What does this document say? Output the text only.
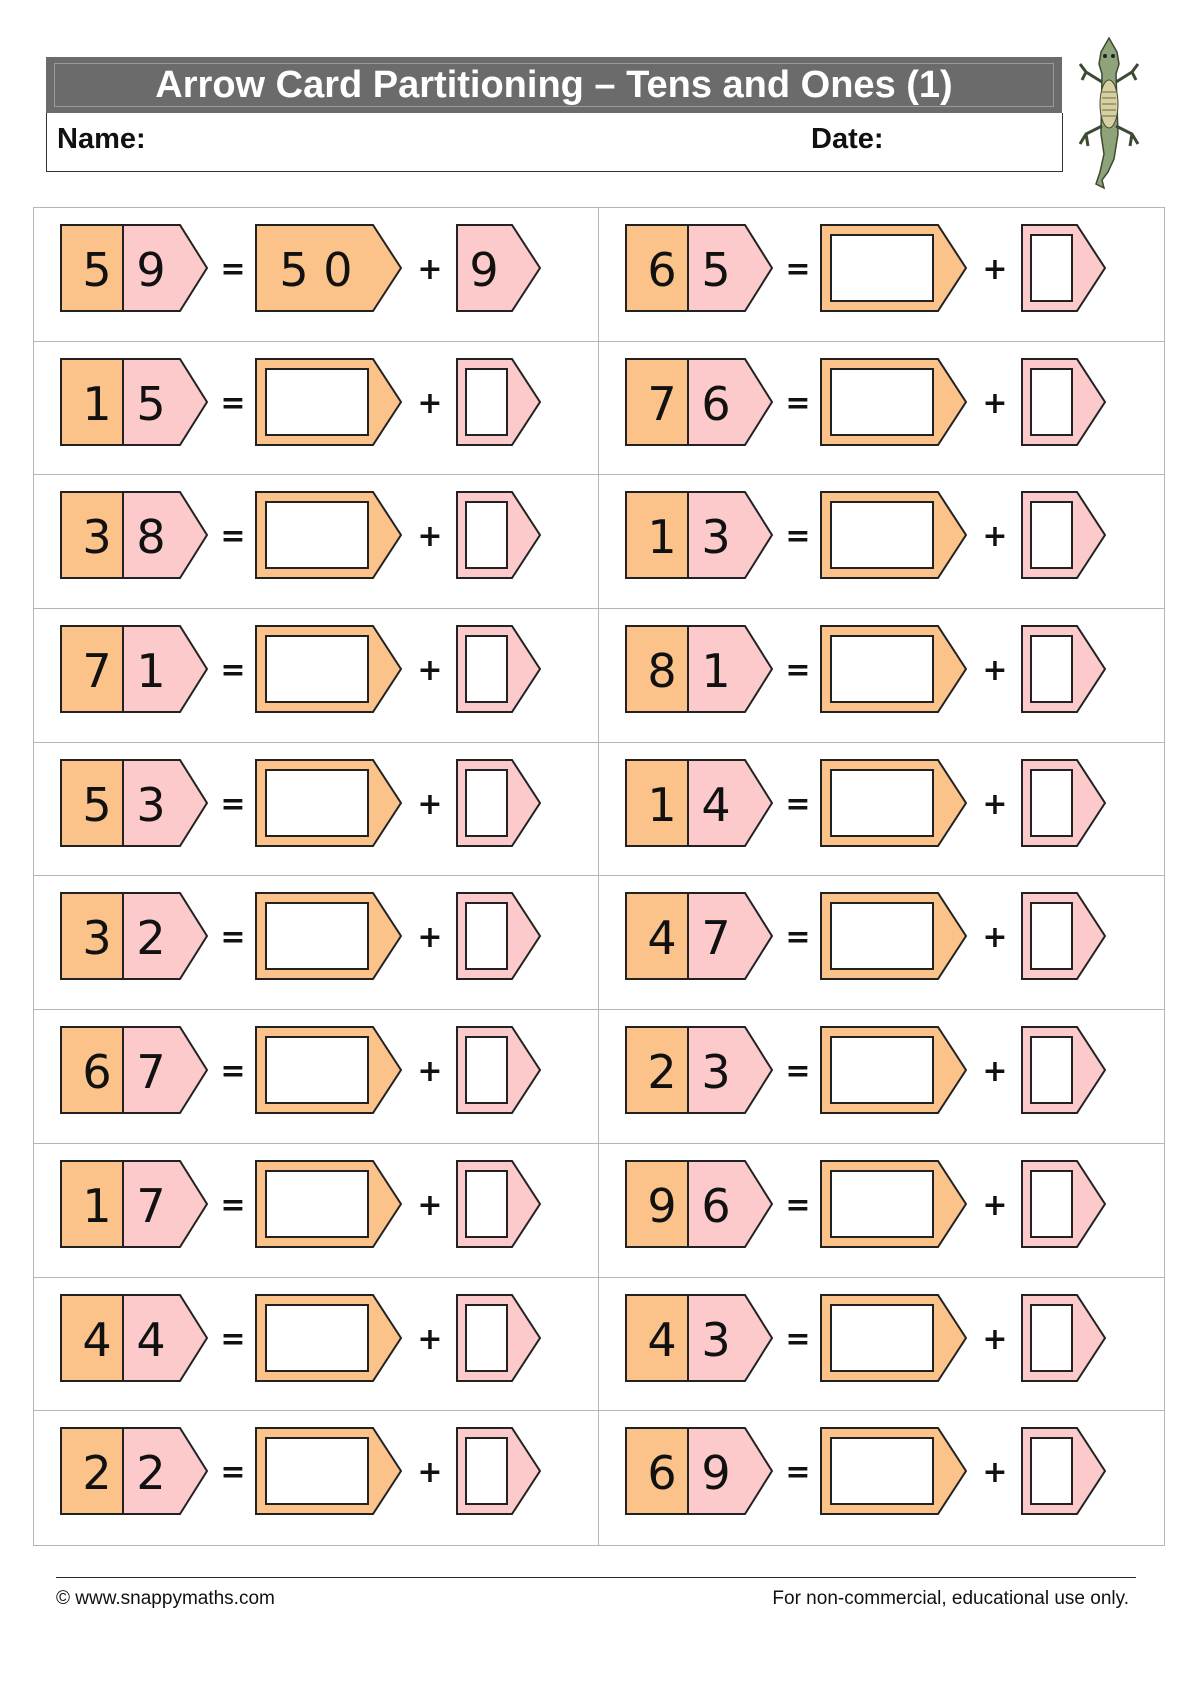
Arrow Card Partitioning – Tens and Ones (1)
Name:	Date:
5 9 = 5 0 + 9	6 5 =	+
1 5 =	+	7 6 =	+
3 8 =	+	1 3 =	+
7 1 =	+	8 1 =	+
5 3 =	+	1 4 =	+
3 2 =	+	4 7 =	+
6 7 =	+	2 3 =	+
1 7 =	+	9 6 =	+
4 4 =	+	4 3 =	+
2 2 =	+	6 9 =	+
© www.snappymaths.com	For non-commercial, educational use only.
